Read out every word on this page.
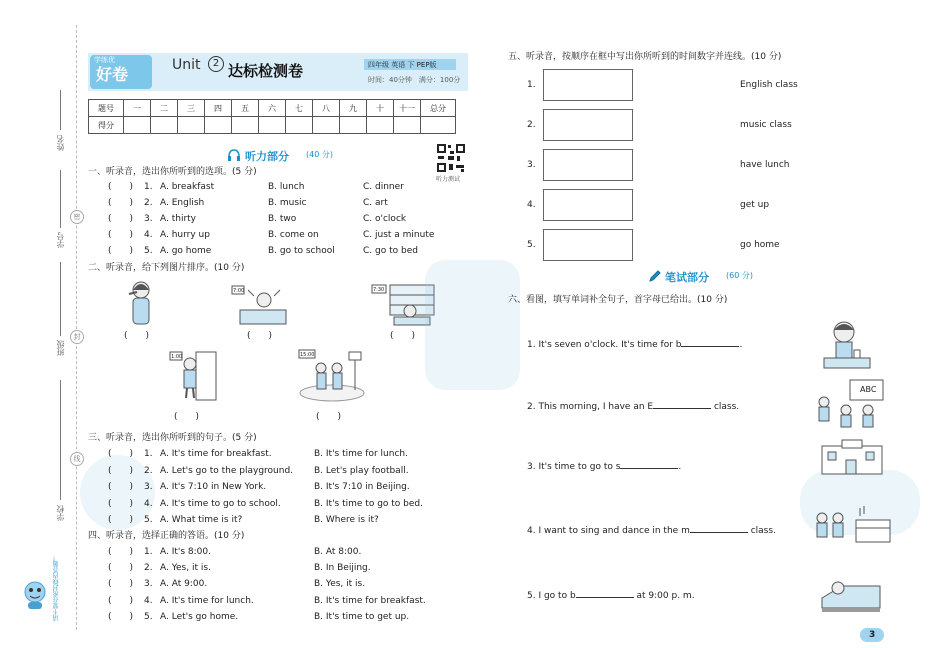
姓名
学号
班级
学校
密
封
线
请不要在密封线内答题！
学练优
好卷	Unit	2 达标检测卷	四年级 英语 下 PEP版
时间：40分钟　满分：100分
题号	一	二	三	四	五	六	七	八	九	十	十一	总分
得分												
听力测试
听力部分 (40 分)
一、听录音，选出你所听到的选项。(5 分)
(　　) 1. A. breakfast	B. lunch	C. dinner
(　　) 2. A. English	B. music	C. art
(　　) 3. A. thirty	B. two	C. o'clock
(　　) 4. A. hurry up	B. come on	C. just a minute
(　　) 5. A. go home	B. go to school	C. go to bed
二、听录音，给下列图片排序。(10 分)
(　　)
7:00
(　　)
7:30
(　　)
1:00
(　　)
15:00
(　　)
三、听录音，选出你所听到的句子。(5 分)
(　　) 1. A. It's time for breakfast.	B. It's time for lunch.
(　　) 2. A. Let's go to the playground. B. Let's play football.
(　　) 3. A. It's 7:10 in New York.	B. It's 7:10 in Beijing.
(　　) 4. A. It's time to go to school.	B. It's time to go to bed.
(　　) 5. A. What time is it?	B. Where is it?
四、听录音，选择正确的答语。(10 分)
(　　) 1. A. It's 8:00.	B. At 8:00.
(　　) 2. A. Yes, it is.	B. In Beijing.
(　　) 3. A. At 9:00.	B. Yes, it is.
(　　) 4. A. It's time for lunch.	B. It's time for breakfast.
(　　) 5. A. Let's go home.	B. It's time to get up.
五、听录音，按顺序在框中写出你所听到的时间数字并连线。(10 分)
1.	English class
2.	music class
3.	have lunch
4.	get up
5.	go home
笔试部分 (60 分)
六、看图，填写单词补全句子，首字母已给出。(10 分)
1. It's seven o'clock. It's time for b	.
2. This morning, I have an E	class.
3. It's time to go to s	.
4. I want to sing and dance in the m	class.
5. I go to b	at 9:00 p. m.
ABC
3
